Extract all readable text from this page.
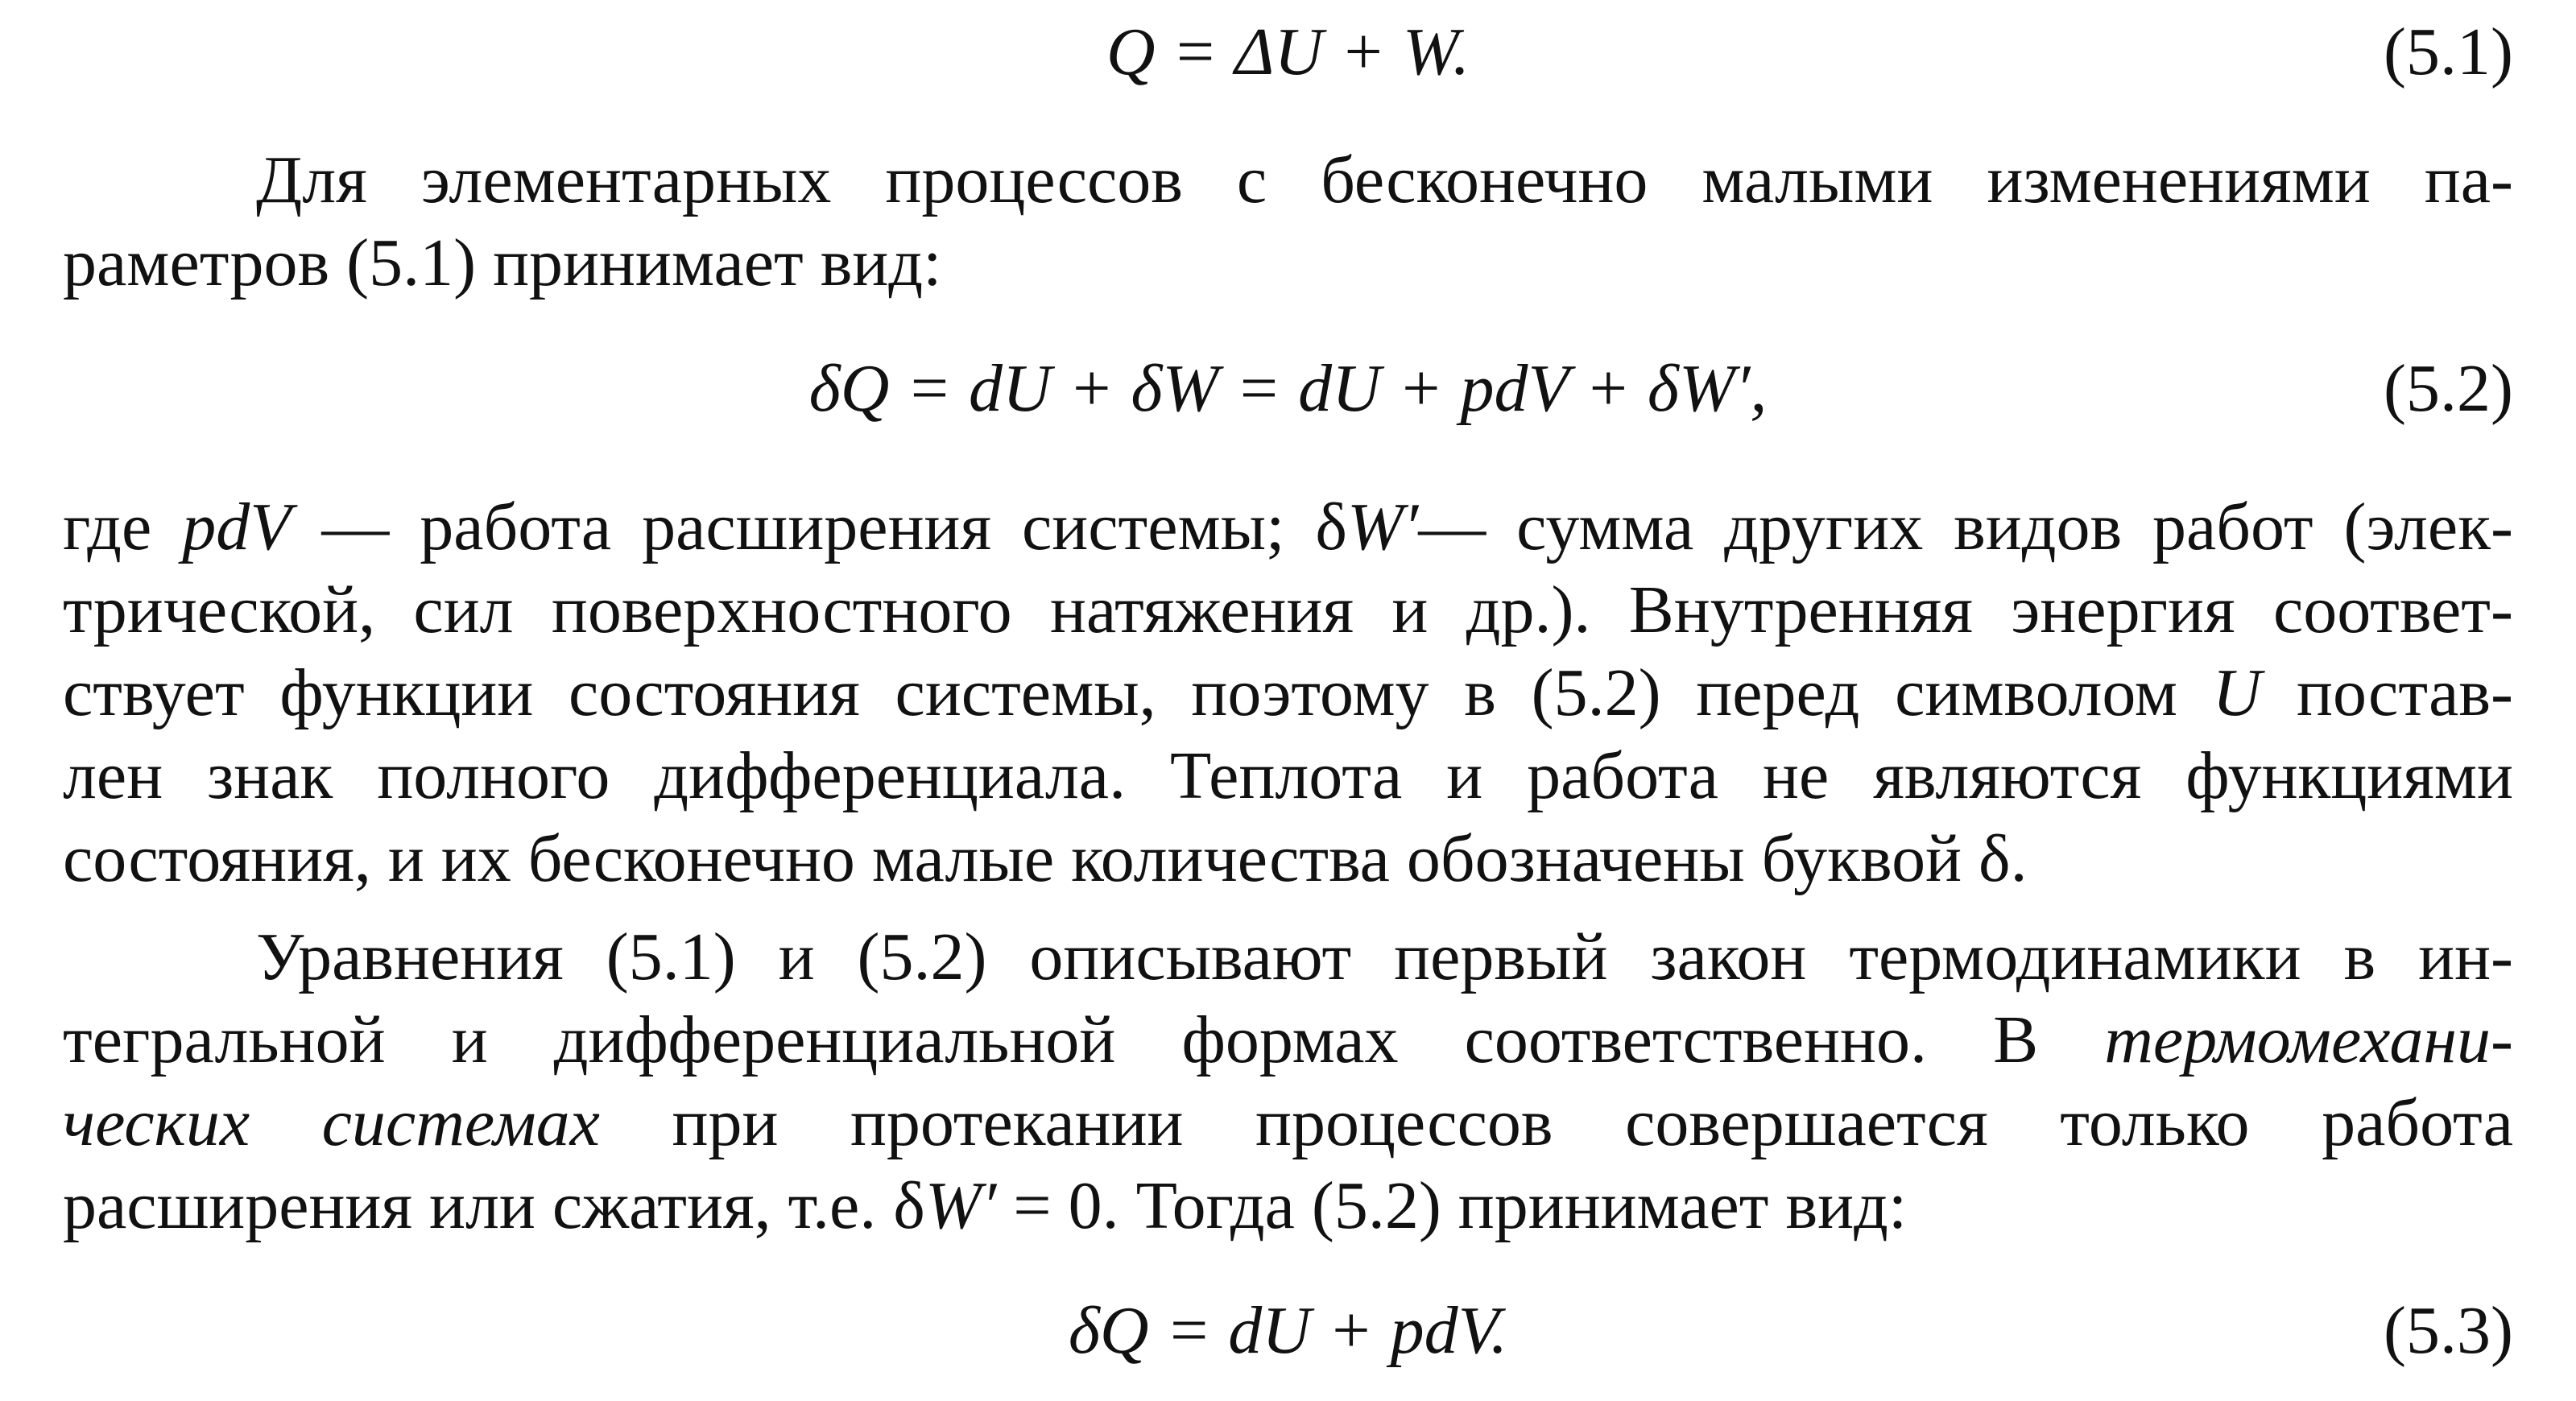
Q = ΔU + W.	(5.1)
Для элементарных процессов с бесконечно малыми изменениями па-
раметров (5.1) принимает вид:
δQ = dU + δW = dU + pdV + δW′,	(5.2)
где pdV — работа расширения системы; δW′— сумма других видов работ (элек-
трической, сил поверхностного натяжения и др.). Внутренняя энергия соответ-
ствует функции состояния системы, поэтому в (5.2) перед символом U постав-
лен знак полного дифференциала. Теплота и работа не являются функциями
состояния, и их бесконечно малые количества обозначены буквой δ.
Уравнения (5.1) и (5.2) описывают первый закон термодинамики в ин-
тегральной и дифференциальной формах соответственно. В термомехани-
ческих системах при протекании процессов совершается только работа
расширения или сжатия, т.е. δW′ = 0. Тогда (5.2) принимает вид:
δQ = dU + pdV.	(5.3)
